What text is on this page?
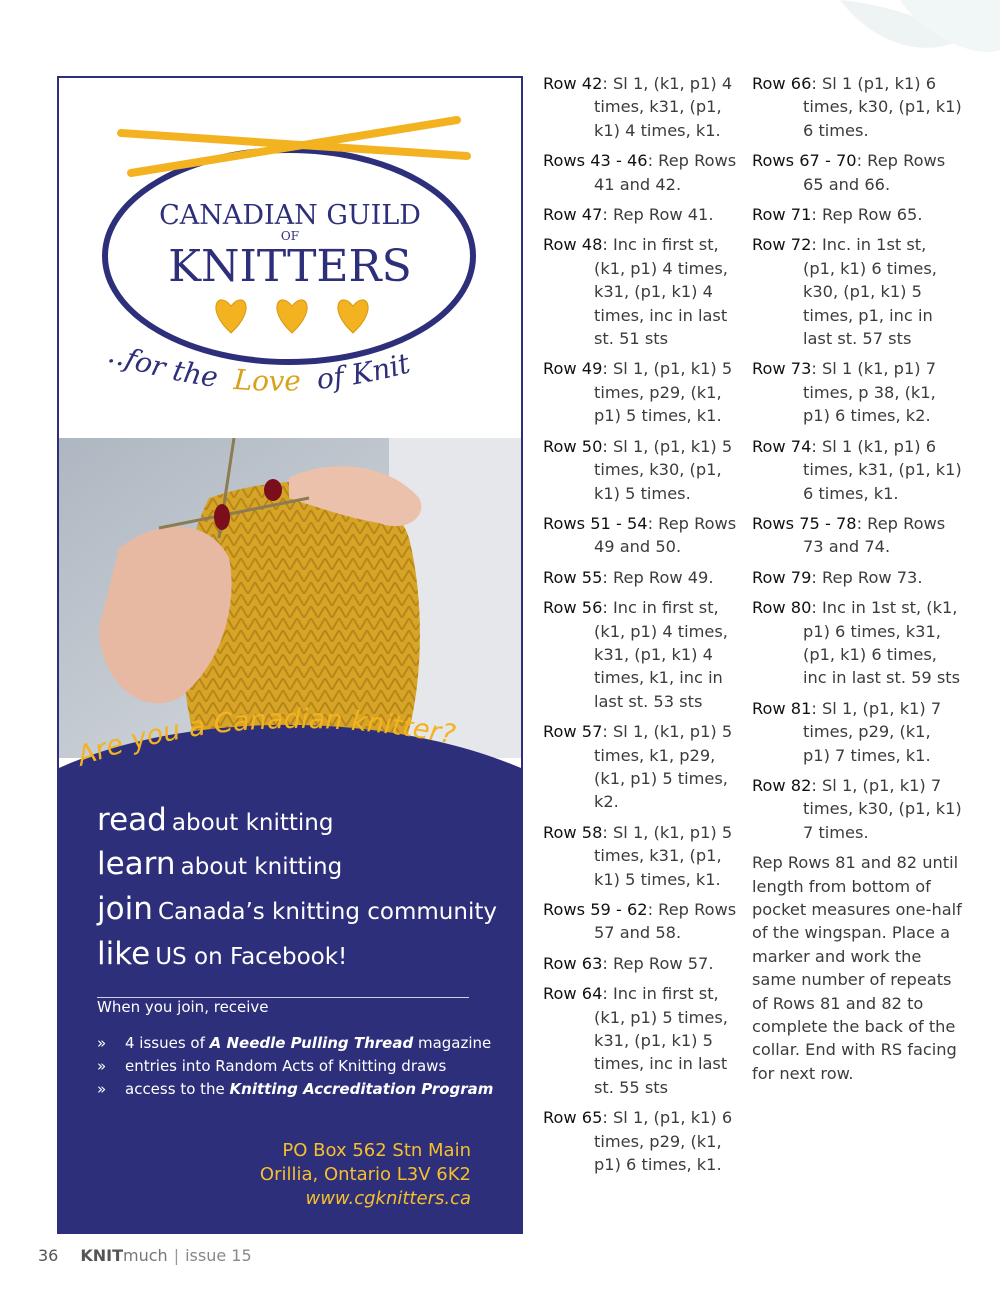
CANADIAN GUILD
OF
KNITTERS
..for the Love of Knit
Are you a Canadian knitter?
read about knitting
learn about knitting
join Canada’s knitting community
like US on Facebook!
When you join, receive
» 4 issues of A Needle Pulling Thread magazine
» entries into Random Acts of Knitting draws
» access to the Knitting Accreditation Program
PO Box 562 Stn Main
Orillia, Ontario L3V 6K2
www.cgknitters.ca
Row 42: Sl 1, (k1, p1) 4 times, k31, (p1, k1) 4 times, k1.
Rows 43 - 46: Rep Rows 41 and 42.
Row 47: Rep Row 41.
Row 48: Inc in first st, (k1, p1) 4 times, k31, (p1, k1) 4 times, inc in last st. 51 sts
Row 49: Sl 1, (p1, k1) 5 times, p29, (k1, p1) 5 times, k1.
Row 50: Sl 1, (p1, k1) 5 times, k30, (p1, k1) 5 times.
Rows 51 - 54: Rep Rows 49 and 50.
Row 55: Rep Row 49.
Row 56: Inc in first st, (k1, p1) 4 times, k31, (p1, k1) 4 times, k1, inc in last st. 53 sts
Row 57: Sl 1, (k1, p1) 5 times, k1, p29, (k1, p1) 5 times, k2.
Row 58: Sl 1, (k1, p1) 5 times, k31, (p1, k1) 5 times, k1.
Rows 59 - 62: Rep Rows 57 and 58.
Row 63: Rep Row 57.
Row 64: Inc in first st, (k1, p1) 5 times, k31, (p1, k1) 5 times, inc in last st. 55 sts
Row 65: Sl 1, (p1, k1) 6 times, p29, (k1, p1) 6 times, k1.
Row 66: Sl 1 (p1, k1) 6 times, k30, (p1, k1) 6 times.
Rows 67 - 70: Rep Rows 65 and 66.
Row 71: Rep Row 65.
Row 72: Inc. in 1st st, (p1, k1) 6 times, k30, (p1, k1) 5 times, p1, inc in last st. 57 sts
Row 73: Sl 1 (k1, p1) 7 times, p 38, (k1, p1) 6 times, k2.
Row 74: Sl 1 (k1, p1) 6 times, k31, (p1, k1) 6 times, k1.
Rows 75 - 78: Rep Rows 73 and 74.
Row 79: Rep Row 73.
Row 80: Inc in 1st st, (k1, p1) 6 times, k31, (p1, k1) 6 times, inc in last st. 59 sts
Row 81: Sl 1, (p1, k1) 7 times, p29, (k1, p1) 7 times, k1.
Row 82: Sl 1, (p1, k1) 7 times, k30, (p1, k1) 7 times.
Rep Rows 81 and 82 until length from bottom of pocket measures one-half of the wingspan. Place a marker and work the same number of repeats of Rows 81 and 82 to complete the back of the collar. End with RS facing for next row.
36 KNITmuch | issue 15
